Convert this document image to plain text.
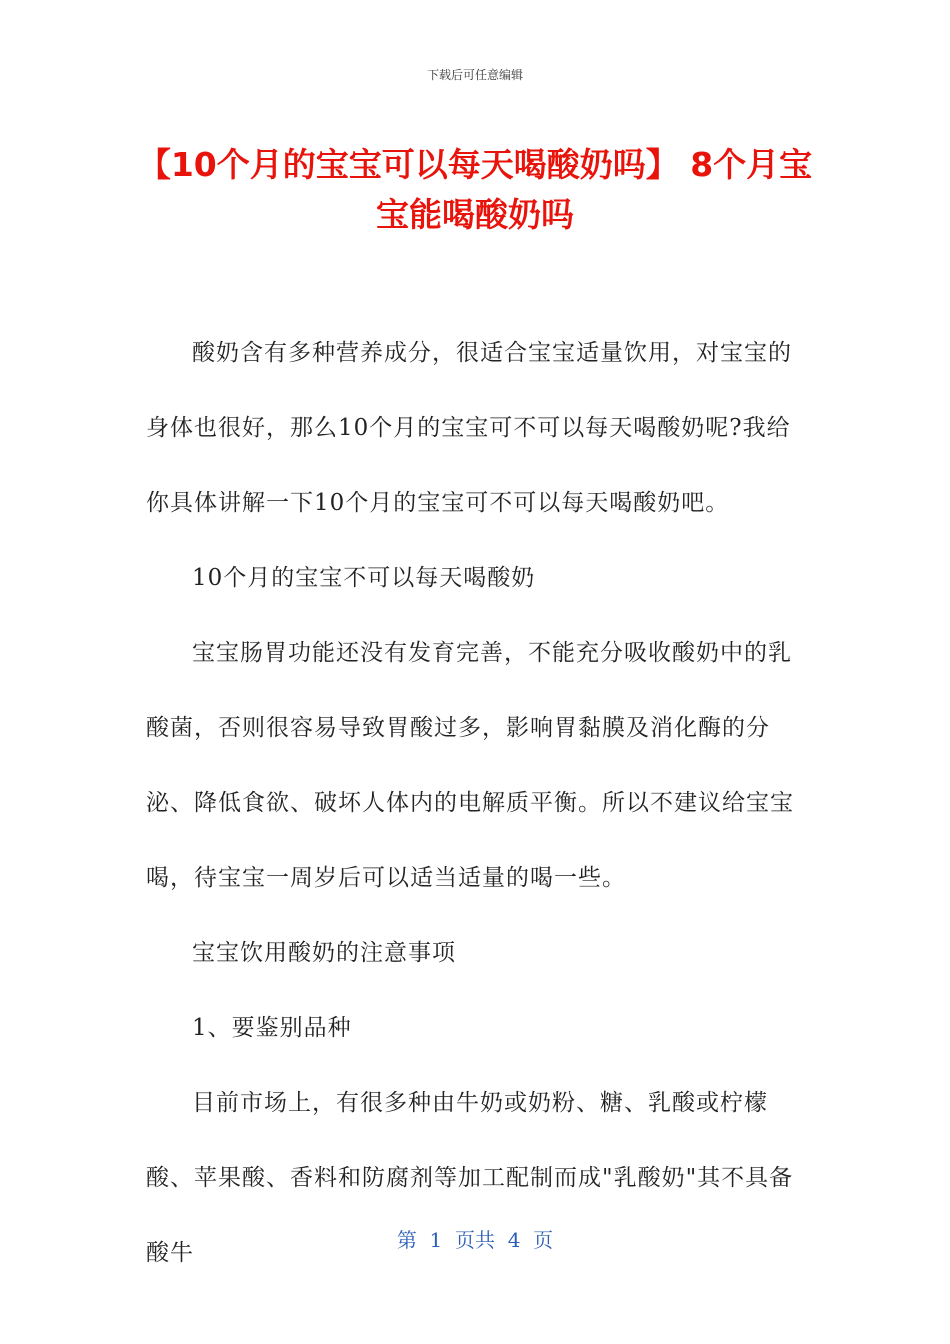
下载后可任意编辑
【10个月的宝宝可以每天喝酸奶吗】 8个月宝宝能喝酸奶吗

酸奶含有多种营养成分，很适合宝宝适量饮用，对宝宝的身体也很好，那么10个月的宝宝可不可以每天喝酸奶呢?我给你具体讲解一下10个月的宝宝可不可以每天喝酸奶吧。

10个月的宝宝不可以每天喝酸奶

宝宝肠胃功能还没有发育完善，不能充分吸收酸奶中的乳酸菌，否则很容易导致胃酸过多，影响胃黏膜及消化酶的分泌、降低食欲、破坏人体内的电解质平衡。所以不建议给宝宝喝，待宝宝一周岁后可以适当适量的喝一些。

宝宝饮用酸奶的注意事项

1、要鉴别品种

目前市场上，有很多种由牛奶或奶粉、糖、乳酸或柠檬酸、苹果酸、香料和防腐剂等加工配制而成"乳酸奶"其不具备酸牛	第  1  页共  4  页
